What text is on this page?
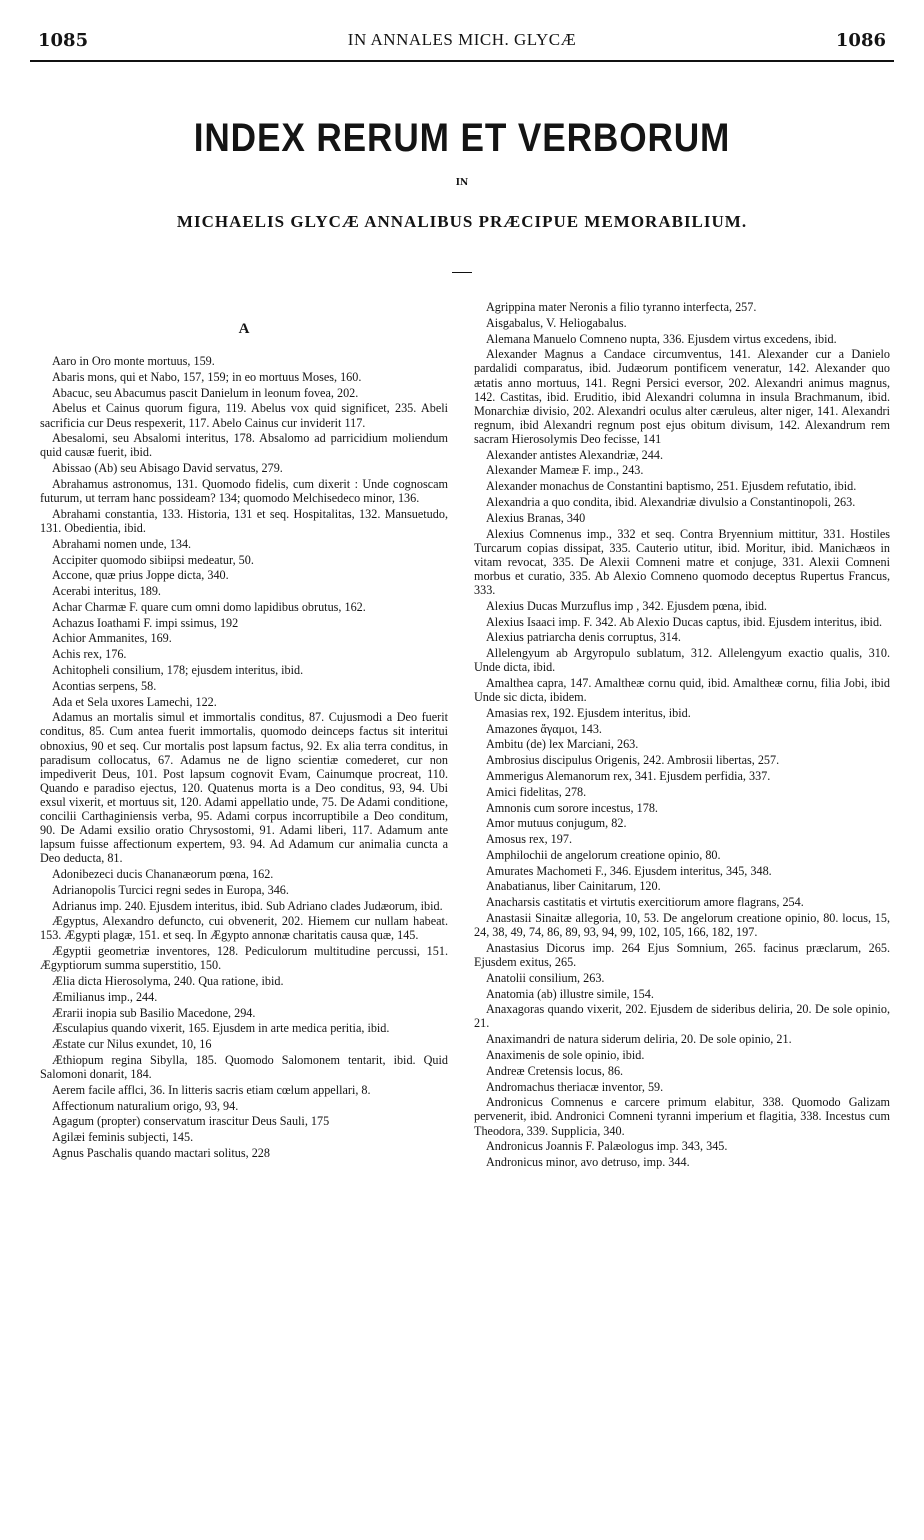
1085	IN ANNALES MICH. GLYCÆ	1086
INDEX RERUM ET VERBORUM
IN
MICHAELIS GLYCÆ ANNALIBUS PRÆCIPUE MEMORABILIUM.
A

Aaro in Oro monte mortuus, 159.

Abaris mons, qui et Nabo, 157, 159; in eo mortuus Moses, 160.

Abacuc, seu Abacumus pascit Danielum in leonum fovea, 202.

Abelus et Cainus quorum figura, 119. Abelus vox quid significet, 235. Abeli sacrificia cur Deus respexerit, 117. Abelo Cainus cur inviderit 117.

Abesalomi, seu Absalomi interitus, 178. Absalomo ad parricidium moliendum quid causæ fuerit, ibid.

Abissao (Ab) seu Abisago David servatus, 279.

Abrahamus astronomus, 131. Quomodo fidelis, cum dixerit : Unde cognoscam futurum, ut terram hanc possideam? 134; quomodo Melchisedeco minor, 136.

Abrahami constantia, 133. Historia, 131 et seq. Hospitalitas, 132. Mansuetudo, 131. Obedientia, ibid.

Abrahami nomen unde, 134.

Accipiter quomodo sibiipsi medeatur, 50.

Accone, quæ prius Joppe dicta, 340.

Acerabi interitus, 189.

Achar Charmæ F. quare cum omni domo lapidibus obrutus, 162.

Achazus Ioathami F. impi ssimus, 192

Achior Ammanites, 169.

Achis rex, 176.

Achitopheli consilium, 178; ejusdem interitus, ibid.

Acontias serpens, 58.

Ada et Sela uxores Lamechi, 122.

Adamus an mortalis simul et immortalis conditus, 87. Cujusmodi a Deo fuerit conditus, 85. Cum antea fuerit immortalis, quomodo deinceps factus sit interitui obnoxius, 90 et seq. Cur mortalis post lapsum factus, 92. Ex alia terra conditus, in paradisum collocatus, 67. Adamus ne de ligno scientiæ comederet, cur non impediverit Deus, 101. Post lapsum cognovit Evam, Cainumque procreat, 110. Quando e paradiso ejectus, 120. Quatenus morta is a Deo conditus, 93, 94. Ubi exsul vixerit, et mortuus sit, 120. Adami appellatio unde, 75. De Adami conditione, concilii Carthaginiensis verba, 95. Adami corpus incorruptibile a Deo conditum, 90. De Adami exsilio oratio Chrysostomi, 91. Adami liberi, 117. Adamum ante lapsum fuisse affectionum expertem, 93. 94. Ad Adamum cur animalia cuncta a Deo deducta, 81.

Adonibezeci ducis Chananæorum pœna, 162.

Adrianopolis Turcici regni sedes in Europa, 346.

Adrianus imp. 240. Ejusdem interitus, ibid. Sub Adriano clades Judæorum, ibid.

Ægyptus, Alexandro defuncto, cui obvenerit, 202. Hiemem cur nullam habeat. 153. Ægypti plagæ, 151. et seq. In Ægypto annonæ charitatis causa quæ, 145.

Ægyptii geometriæ inventores, 128. Pediculorum multitudine percussi, 151. Ægyptiorum summa superstitio, 150.

Ælia dicta Hierosolyma, 240. Qua ratione, ibid.

Æmilianus imp., 244.

Ærarii inopia sub Basilio Macedone, 294.

Æsculapius quando vixerit, 165. Ejusdem in arte medica peritia, ibid.

Æstate cur Nilus exundet, 10, 16

Æthiopum regina Sibylla, 185. Quomodo Salomonem tentarit, ibid. Quid Salomoni donarit, 184.

Aerem facile afflci, 36. In litteris sacris etiam cœlum appellari, 8.

Affectionum naturalium origo, 93, 94.

Agagum (propter) conservatum irascitur Deus Sauli, 175

Agilæi feminis subjecti, 145.

Agnus Paschalis quando mactari solitus, 228

Agrippina mater Neronis a filio tyranno interfecta, 257.

Aisgabalus, V. Heliogabalus.

Alemana Manuelo Comneno nupta, 336. Ejusdem virtus excedens, ibid.

Alexander Magnus a Candace circumventus, 141. Alexander cur a Danielo pardalidi comparatus, ibid. Judæorum pontificem veneratur, 142. Alexander quo ætatis anno mortuus, 141. Regni Persici eversor, 202. Alexandri animus magnus, 142. Castitas, ibid. Eruditio, ibid Alexandri columna in insula Brachmanum, ibid. Monarchiæ divisio, 202. Alexandri oculus alter cæruleus, alter niger, 141. Alexandri regnum, ibid Alexandri regnum post ejus obitum divisum, 142. Alexandrum rem sacram Hierosolymis Deo fecisse, 141

Alexander antistes Alexandriæ, 244.

Alexander Mameæ F. imp., 243.

Alexander monachus de Constantini baptismo, 251. Ejusdem refutatio, ibid.

Alexandria a quo condita, ibid. Alexandriæ divulsio a Constantinopoli, 263.

Alexius Branas, 340

Alexius Comnenus imp., 332 et seq. Contra Bryennium mittitur, 331. Hostiles Turcarum copias dissipat, 335. Cauterio utitur, ibid. Moritur, ibid. Manichæos in vitam revocat, 335. De Alexii Comneni matre et conjuge, 331. Alexii Comneni morbus et curatio, 335. Ab Alexio Comneno quomodo deceptus Rupertus Francus, 333.

Alexius Ducas Murzuflus imp , 342. Ejusdem pœna, ibid.

Alexius Isaaci imp. F. 342. Ab Alexio Ducas captus, ibid. Ejusdem interitus, ibid.

Alexius patriarcha denis corruptus, 314.

Allelengyum ab Argyropulo sublatum, 312. Allelengyum exactio qualis, 310. Unde dicta, ibid.

Amalthea capra, 147. Amaltheæ cornu quid, ibid. Amaltheæ cornu, filia Jobi, ibid Unde sic dicta, ibidem.

Amasias rex, 192. Ejusdem interitus, ibid.

Amazones ἄγαμοι, 143.

Ambitu (de) lex Marciani, 263.

Ambrosius discipulus Origenis, 242. Ambrosii libertas, 257.

Ammerigus Alemanorum rex, 341. Ejusdem perfidia, 337.

Amici fidelitas, 278.

Amnonis cum sorore incestus, 178.

Amor mutuus conjugum, 82.

Amosus rex, 197.

Amphilochii de angelorum creatione opinio, 80.

Amurates Machometi F., 346. Ejusdem interitus, 345, 348.

Anabatianus, liber Cainitarum, 120.

Anacharsis castitatis et virtutis exercitiorum amore flagrans, 254.

Anastasii Sinaitæ allegoria, 10, 53. De angelorum creatione opinio, 80. locus, 15, 24, 38, 49, 74, 86, 89, 93, 94, 99, 102, 105, 166, 182, 197.

Anastasius Dicorus imp. 264 Ejus Somnium, 265. facinus præclarum, 265. Ejusdem exitus, 265.

Anatolii consilium, 263.

Anatomia (ab) illustre simile, 154.

Anaxagoras quando vixerit, 202. Ejusdem de sideribus deliria, 20. De sole opinio, 21.

Anaximandri de natura siderum deliria, 20. De sole opinio, 21.

Anaximenis de sole opinio, ibid.

Andreæ Cretensis locus, 86.

Andromachus theriacæ inventor, 59.

Andronicus Comnenus e carcere primum elabitur, 338. Quomodo Galizam pervenerit, ibid. Andronici Comneni tyranni imperium et flagitia, 338. Incestus cum Theodora, 339. Supplicia, 340.

Andronicus Joannis F. Palæologus imp. 343, 345.

Andronicus minor, avo detruso, imp. 344.
